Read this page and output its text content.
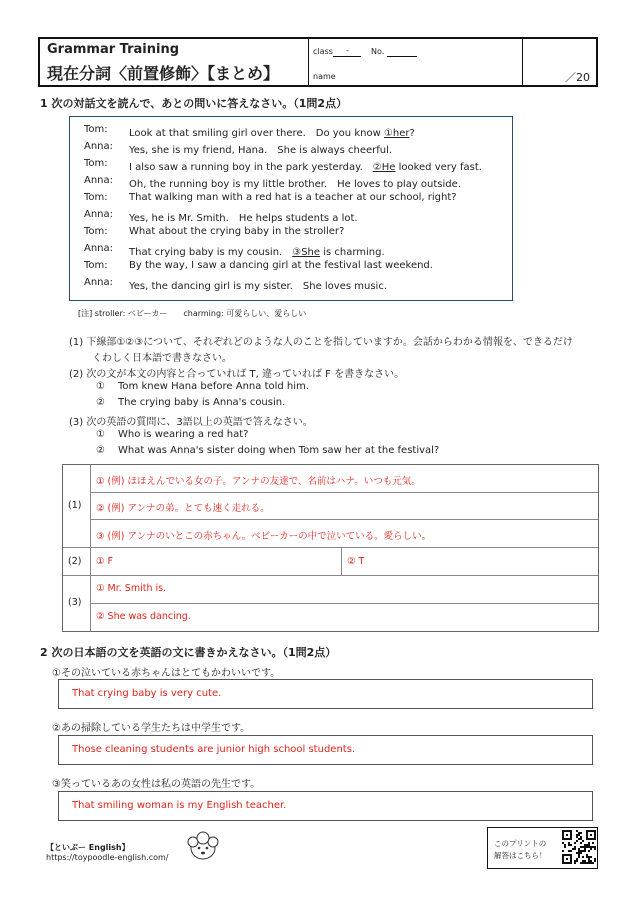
Grammar Training
現在分詞〈前置修飾〉【まとめ】
class -	No.
name	／20
1 次の対話文を読んで、あとの問いに答えなさい。（1問2点）
Tom: Look at that smiling girl over there.　Do you know ①her?
Anna: Yes, she is my friend, Hana.　She is always cheerful.
Tom: I also saw a running boy in the park yesterday.　②He looked very fast.
Anna: Oh, the running boy is my little brother.　He loves to play outside.
Tom: That walking man with a red hat is a teacher at our school, right?
Anna: Yes, he is Mr. Smith.　He helps students a lot.
Tom: What about the crying baby in the stroller?
Anna: That crying baby is my cousin.　③She is charming.
Tom: By the way, I saw a dancing girl at the festival last weekend.
Anna: Yes, the dancing girl is my sister.　She loves music.
[注] stroller: ベビーカー　　charming: 可愛らしい、愛らしい
(1) 下線部①②③について、それぞれどのような人のことを指していますか。会話からわかる情報を、できるだけ
くわしく日本語で書きなさい。
(2) 次の文が本文の内容と合っていれば T, 違っていれば F を書きなさい。
① Tom knew Hana before Anna told him.
② The crying baby is Anna's cousin.
(3) 次の英語の質問に、3語以上の英語で答えなさい。
① Who is wearing a red hat?
② What was Anna's sister doing when Tom saw her at the festival?
(1)
① (例) ほほえんでいる女の子。アンナの友達で、名前はハナ。いつも元気。
② (例) アンナの弟。とても速く走れる。
③ (例) アンナのいとこの赤ちゃん。ベビーカーの中で泣いている。愛らしい。
(2) ① F	② T
(3)
① Mr. Smith is.
② She was dancing.
2 次の日本語の文を英語の文に書きかえなさい。（1問2点）
①その泣いている赤ちゃんはとてもかわいいです。
That crying baby is very cute.
②あの掃除している学生たちは中学生です。
Those cleaning students are junior high school students.
③笑っているあの女性は私の英語の先生です。
That smiling woman is my English teacher.
【といぷー English】
https://toypoodle-english.com/
このプリントの
解答はこちら！
